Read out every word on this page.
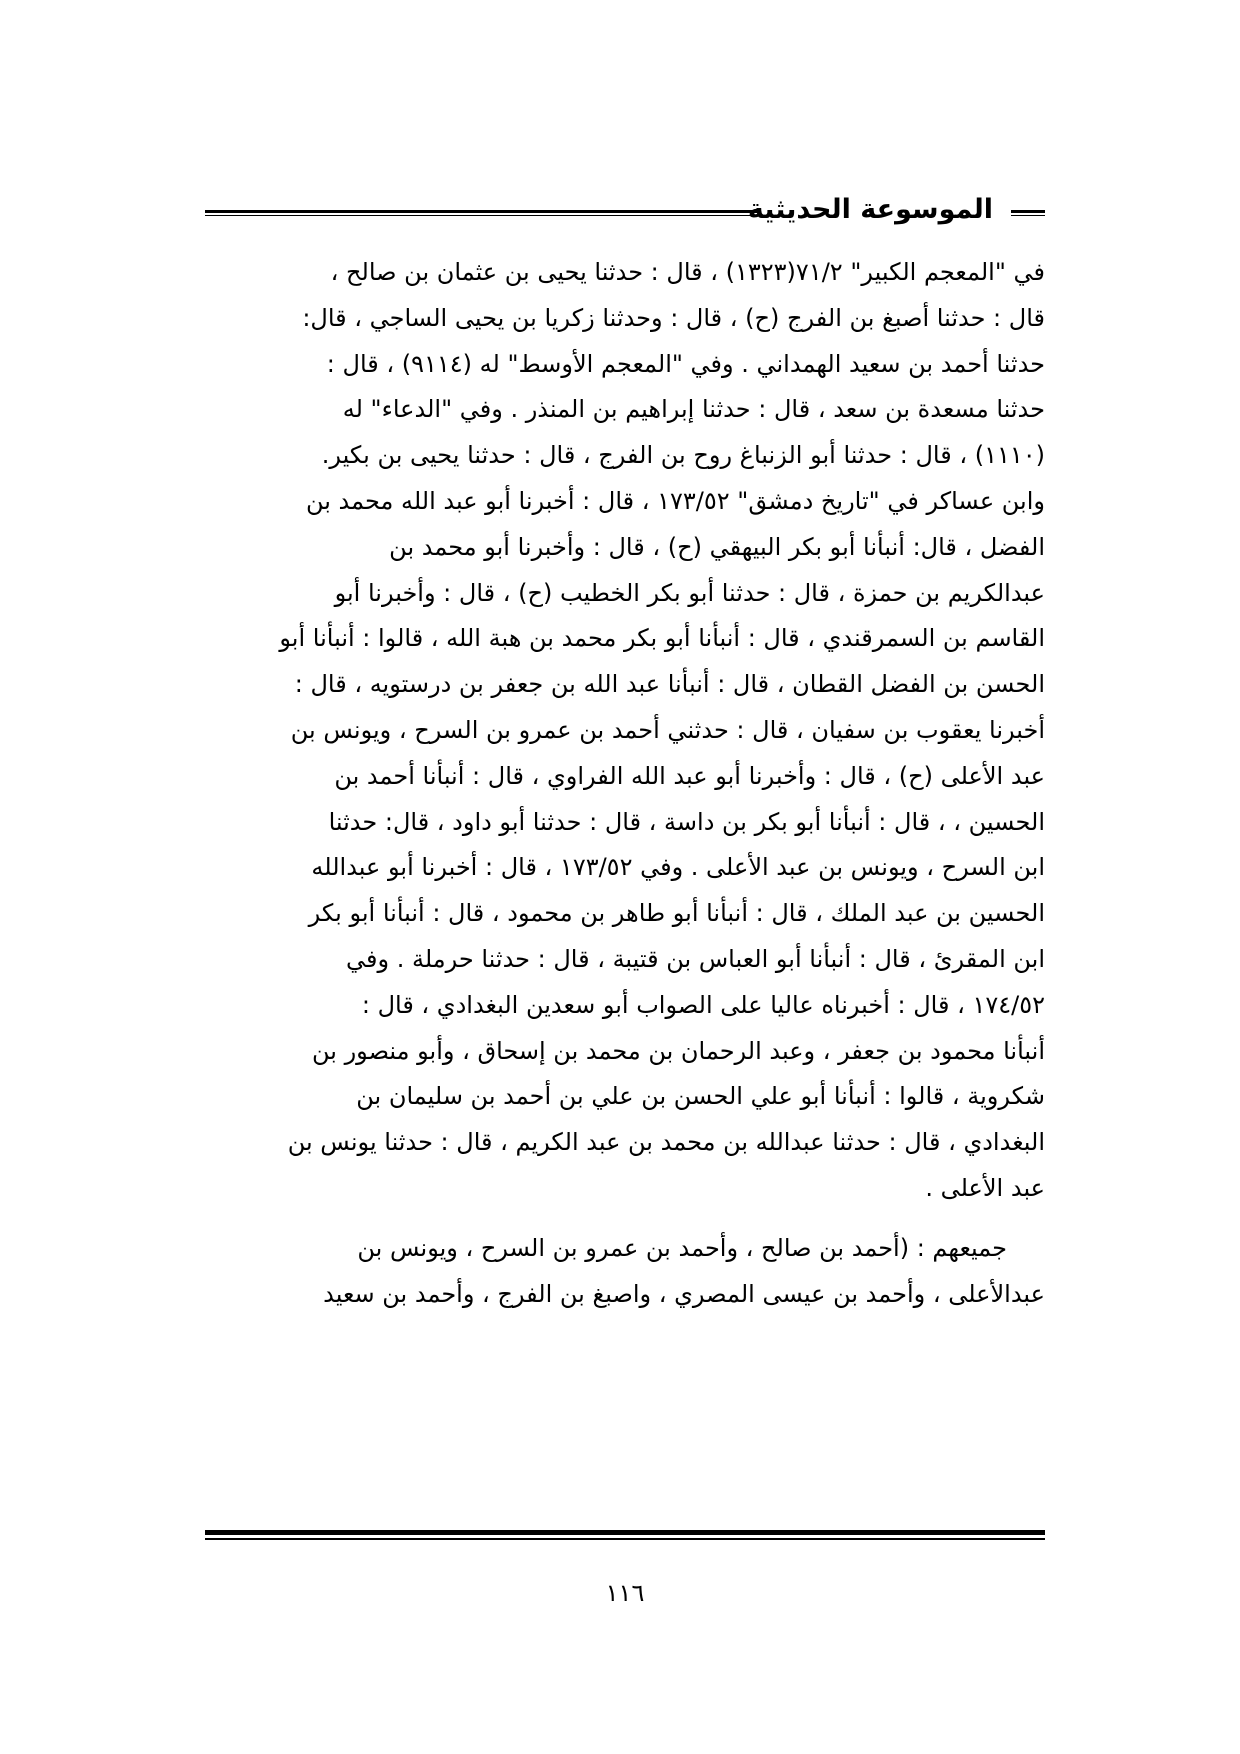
الموسوعة الحديثية

في "المعجم الكبير" ٧١/٢(١٣٢٣) ، قال : حدثنا يحيى بن عثمان بن صالح ،

قال : حدثنا أصبغ بن الفرج (ح) ، قال : وحدثنا زكريا بن يحيى الساجي ، قال:

حدثنا أحمد بن سعيد الهمداني . وفي "المعجم الأوسط" له (٩١١٤) ، قال :

حدثنا مسعدة بن سعد ، قال : حدثنا إبراهيم بن المنذر . وفي "الدعاء" له

(١١١٠) ، قال : حدثنا أبو الزنباغ روح بن الفرج ، قال : حدثنا يحيى بن بكير.

وابن عساكر في "تاريخ دمشق" ١٧٣/٥٢ ، قال : أخبرنا أبو عبد الله محمد بن

الفضل ، قال: أنبأنا أبو بكر البيهقي (ح) ، قال : وأخبرنا أبو محمد بن

عبدالكريم بن حمزة ، قال : حدثنا أبو بكر الخطيب (ح) ، قال : وأخبرنا أبو

القاسم بن السمرقندي ، قال : أنبأنا أبو بكر محمد بن هبة الله ، قالوا : أنبأنا أبو

الحسن بن الفضل القطان ، قال : أنبأنا عبد الله بن جعفر بن درستويه ، قال :

أخبرنا يعقوب بن سفيان ، قال : حدثني أحمد بن عمرو بن السرح ، ويونس بن

عبد الأعلى (ح) ، قال : وأخبرنا أبو عبد الله الفراوي ، قال : أنبأنا أحمد بن

الحسين ، ، قال : أنبأنا أبو بكر بن داسة ، قال : حدثنا أبو داود ، قال: حدثنا

ابن السرح ، ويونس بن عبد الأعلى . وفي ١٧٣/٥٢ ، قال : أخبرنا أبو عبدالله

الحسين بن عبد الملك ، قال : أنبأنا أبو طاهر بن محمود ، قال : أنبأنا أبو بكر

ابن المقرئ ، قال : أنبأنا أبو العباس بن قتيبة ، قال : حدثنا حرملة . وفي

١٧٤/٥٢ ، قال : أخبرناه عاليا على الصواب أبو سعدين البغدادي ، قال :

أنبأنا محمود بن جعفر ، وعبد الرحمان بن محمد بن إسحاق ، وأبو منصور بن

شكروية ، قالوا : أنبأنا أبو علي الحسن بن علي بن أحمد بن سليمان بن

البغدادي ، قال : حدثنا عبدالله بن محمد بن عبد الكريم ، قال : حدثنا يونس بن

عبد الأعلى .

جميعهم : (أحمد بن صالح ، وأحمد بن عمرو بن السرح ، ويونس بن

عبدالأعلى ، وأحمد بن عيسى المصري ، واصبغ بن الفرج ، وأحمد بن سعيد

١١٦
